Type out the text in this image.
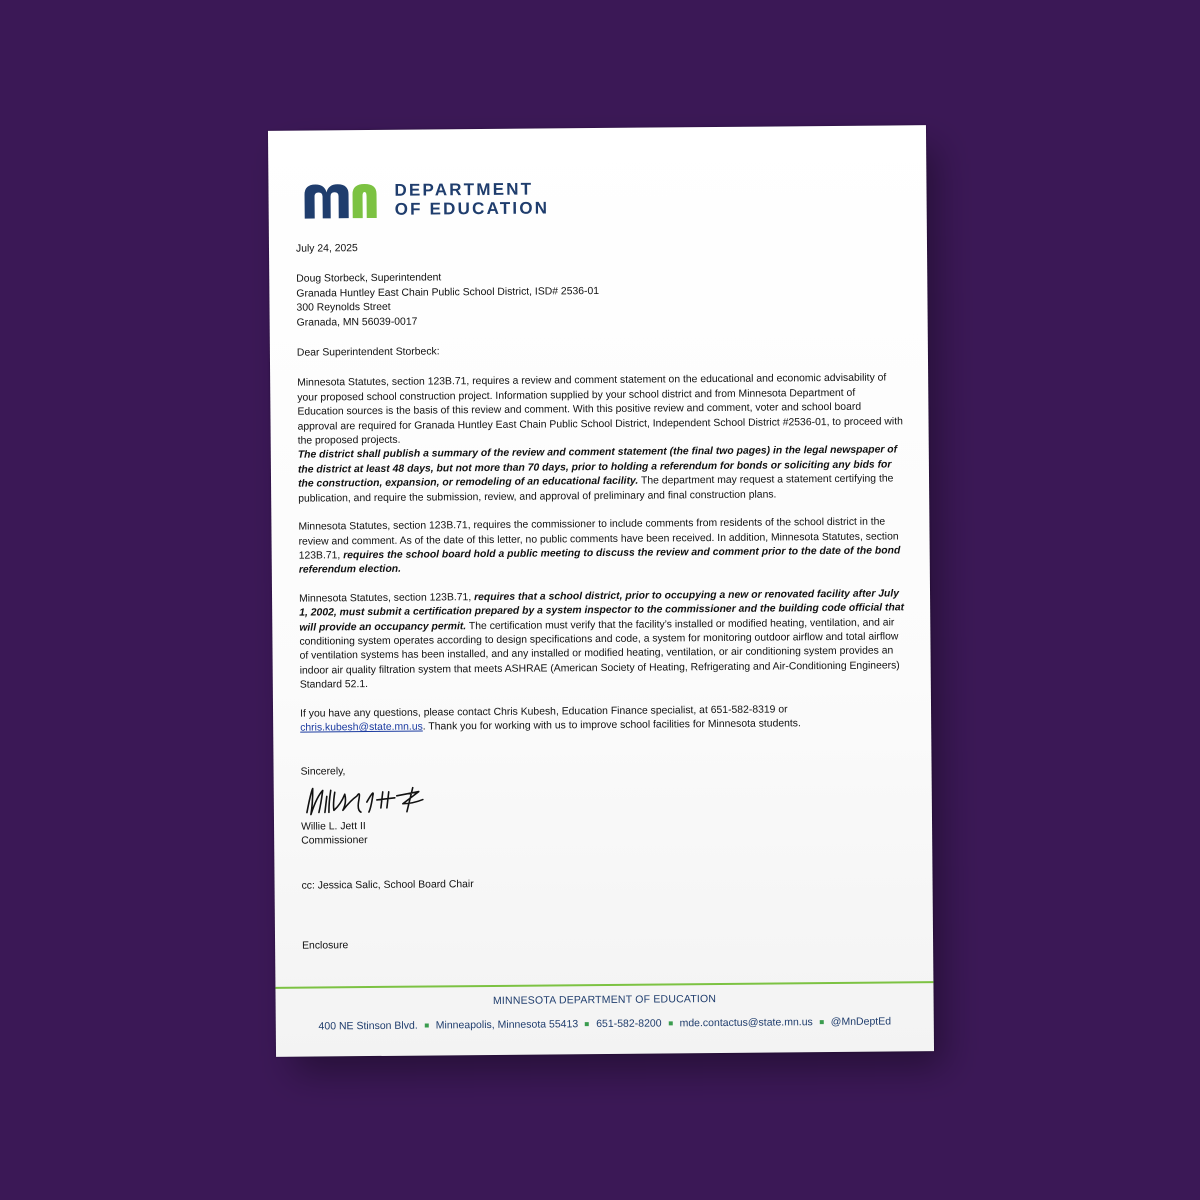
DEPARTMENT
OF EDUCATION

July 24, 2025

Doug Storbeck, Superintendent

Granada Huntley East Chain Public School District, ISD# 2536-01

300 Reynolds Street

Granada, MN 56039-0017

Dear Superintendent Storbeck:

Minnesota Statutes, section 123B.71, requires a review and comment statement on the educational and economic advisability of your proposed school construction project. Information supplied by your school district and from Minnesota Department of Education sources is the basis of this review and comment. With this positive review and comment, voter and school board approval are required for Granada Huntley East Chain Public School District, Independent School District #2536-01, to proceed with the proposed projects.

The district shall publish a summary of the review and comment statement (the final two pages) in the legal newspaper of the district at least 48 days, but not more than 70 days, prior to holding a referendum for bonds or soliciting any bids for the construction, expansion, or remodeling of an educational facility. The department may request a statement certifying the publication, and require the submission, review, and approval of preliminary and final construction plans.

Minnesota Statutes, section 123B.71, requires the commissioner to include comments from residents of the school district in the review and comment. As of the date of this letter, no public comments have been received. In addition, Minnesota Statutes, section 123B.71, requires the school board hold a public meeting to discuss the review and comment prior to the date of the bond referendum election.

Minnesota Statutes, section 123B.71, requires that a school district, prior to occupying a new or renovated facility after July 1, 2002, must submit a certification prepared by a system inspector to the commissioner and the building code official that will provide an occupancy permit. The certification must verify that the facility’s installed or modified heating, ventilation, and air conditioning system operates according to design specifications and code, a system for monitoring outdoor airflow and total airflow of ventilation systems has been installed, and any installed or modified heating, ventilation, or air conditioning system provides an indoor air quality filtration system that meets ASHRAE (American Society of Heating, Refrigerating and Air-Conditioning Engineers) Standard 52.1.

If you have any questions, please contact Chris Kubesh, Education Finance specialist, at 651-582-8319 or
chris.kubesh@state.mn.us. Thank you for working with us to improve school facilities for Minnesota students.

Sincerely,

Willie L. Jett II

Commissioner

cc: Jessica Salic, School Board Chair

Enclosure

MINNESOTA DEPARTMENT OF EDUCATION
400 NE Stinson Blvd. Minneapolis, Minnesota 55413 651-582-8200 mde.contactus@state.mn.us @MnDeptEd
